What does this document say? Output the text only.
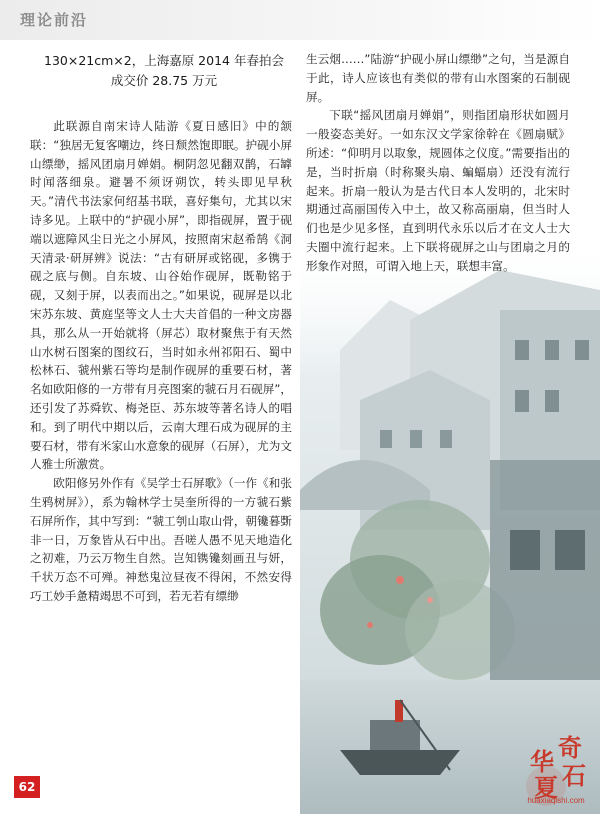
理论前沿
130×21cm×2，上海嘉原 2014 年春拍会
成交价 28.75 万元

此联源自南宋诗人陆游《夏日感旧》中的颔联：“独居无复客嘲边，终日颓然饱即眠。护砚小屏山缥缈，摇风团扇月婵娟。桐阴忽见翻双鹊，石罅时闻落细泉。避暑不须讶朔饮，转头即见早秋天。”清代书法家何绍基书联，喜好集句，尤其以宋诗多见。上联中的“护砚小屏”，即指砚屏，置于砚端以遮障风尘日光之小屏风，按照南宋赵希鹄《洞天清录·研屏辨》说法：“古有研屏或铭砚，多镌于砚之底与侧。自东坡、山谷始作砚屏，既勒铭于砚，又刻于屏，以表而出之。”如果说，砚屏是以北宋苏东坡、黄庭坚等文人士大夫首倡的一种文房器具，那么从一开始就将（屏芯）取材聚焦于有天然山水树石图案的图纹石，当时如永州祁阳石、蜀中松林石、虢州紫石等均是制作砚屏的重要石材，著名如欧阳修的一方带有月亮图案的虢石月石砚屏”，还引发了苏舜钦、梅尧臣、苏东坡等著名诗人的唱和。到了明代中期以后，云南大理石成为砚屏的主要石材，带有米家山水意象的砚屏（石屏），尤为文人雅士所激赏。

欧阳修另外作有《吴学士石屏歌》（一作《和张生鸦树屏》），系为翰林学士吴奎所得的一方虢石紫石屏所作，其中写到：“虢工刳山取山骨，朝镵暮斲非一日，万象皆从石中出。吾嗟人愚不见天地造化之初难，乃云万物生自然。岂知镌镵刻画丑与妍，千状万态不可殚。神愁鬼泣昼夜不得闲，不然安得巧工妙手惫精竭思不可到，若无若有缥缈

生云烟……”陆游“护砚小屏山缥缈”之句，当是源自于此，诗人应该也有类似的带有山水图案的石制砚屏。

下联“摇风团扇月婵娟”，则指团扇形状如圆月一般姿态美好。一如东汉文学家徐幹在《圆扇赋》所述：“仰明月以取象，规圆体之仪度。”需要指出的是，当时折扇（时称聚头扇、蝙蝠扇）还没有流行起来。折扇一般认为是古代日本人发明的，北宋时期通过高丽国传入中土，故又称高丽扇，但当时人们也是少见多怪，直到明代永乐以后才在文人士大夫圈中流行起来。上下联将砚屏之山与团扇之月的形象作对照，可谓入地上天，联想丰富。

62
华 奇
夏 石
huaxiaqishi.com
